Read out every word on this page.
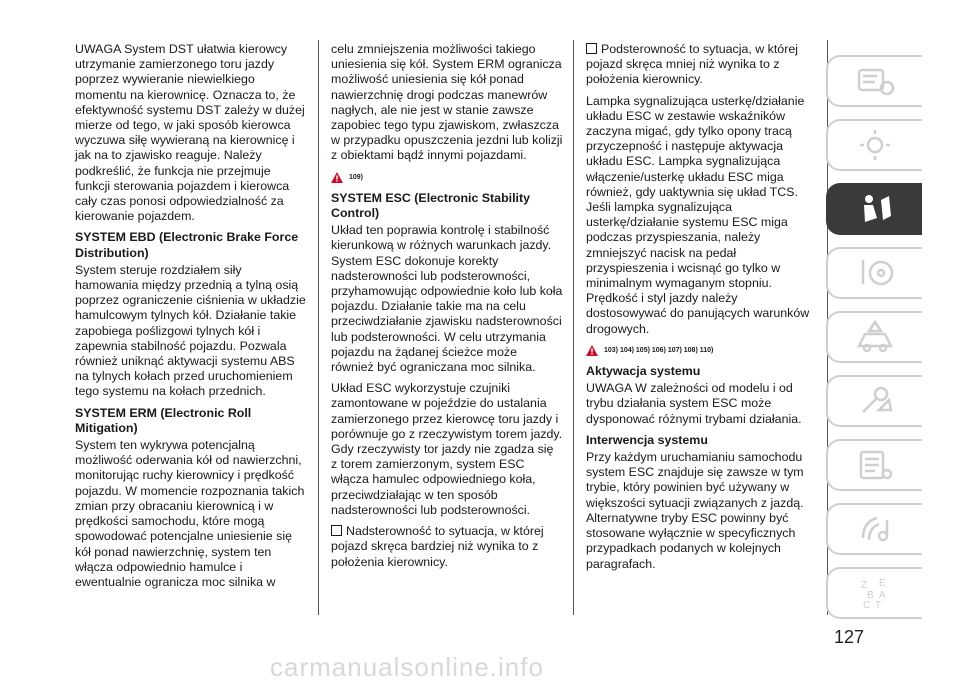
UWAGA System DST ułatwia kierowcy utrzymanie zamierzonego toru jazdy poprzez wywieranie niewielkiego momentu na kierownicę. Oznacza to, że efektywność systemu DST zależy w dużej mierze od tego, w jaki sposób kierowca wyczuwa siłę wywieraną na kierownicę i jak na to zjawisko reaguje. Należy podkreślić, że funkcja nie przejmuje funkcji sterowania pojazdem i kierowca cały czas ponosi odpowiedzialność za kierowanie pojazdem.

SYSTEM EBD (Electronic Brake Force Distribution)

System steruje rozdziałem siły hamowania między przednią a tylną osią poprzez ograniczenie ciśnienia w układzie hamulcowym tylnych kół. Działanie takie zapobiega poślizgowi tylnych kół i zapewnia stabilność pojazdu. Pozwala również uniknąć aktywacji systemu ABS na tylnych kołach przed uruchomieniem tego systemu na kołach przednich.

SYSTEM ERM (Electronic Roll Mitigation)

System ten wykrywa potencjalną możliwość oderwania kół od nawierzchni, monitorując ruchy kierownicy i prędkość pojazdu. W momencie rozpoznania takich zmian przy obracaniu kierownicą i w prędkości samochodu, które mogą spowodować potencjalne uniesienie się kół ponad nawierzchnię, system ten włącza odpowiednio hamulce i ewentualnie ogranicza moc silnika w

celu zmniejszenia możliwości takiego uniesienia się kół. System ERM ogranicza możliwość uniesienia się kół ponad nawierzchnię drogi podczas manewrów nagłych, ale nie jest w stanie zawsze zapobiec tego typu zjawiskom, zwłaszcza w przypadku opuszczenia jezdni lub kolizji z obiektami bądź innymi pojazdami.

109)
SYSTEM ESC (Electronic Stability Control)

Układ ten poprawia kontrolę i stabilność kierunkową w różnych warunkach jazdy. System ESC dokonuje korekty nadsterowności lub podsterowności, przyhamowując odpowiednie koło lub koła pojazdu. Działanie takie ma na celu przeciwdziałanie zjawisku nadsterowności lub podsterowności. W celu utrzymania pojazdu na żądanej ścieżce może również być ograniczana moc silnika.

Układ ESC wykorzystuje czujniki zamontowane w pojeździe do ustalania zamierzonego przez kierowcę toru jazdy i porównuje go z rzeczywistym torem jazdy. Gdy rzeczywisty tor jazdy nie zgadza się z torem zamierzonym, system ESC włącza hamulec odpowiedniego koła, przeciwdziałając w ten sposób nadsterowności lub podsterowności.

Nadsterowność to sytuacja, w której pojazd skręca bardziej niż wynika to z położenia kierownicy.

Podsterowność to sytuacja, w której pojazd skręca mniej niż wynika to z położenia kierownicy.

Lampka sygnalizująca usterkę/działanie układu ESC w zestawie wskaźników zaczyna migać, gdy tylko opony tracą przyczepność i następuje aktywacja układu ESC. Lampka sygnalizująca włączenie/usterkę układu ESC miga również, gdy uaktywnia się układ TCS. Jeśli lampka sygnalizująca usterkę/działanie systemu ESC miga podczas przyspieszania, należy zmniejszyć nacisk na pedał przyspieszenia i wcisnąć go tylko w minimalnym wymaganym stopniu. Prędkość i styl jazdy należy dostosowywać do panujących warunków drogowych.

103) 104) 105) 106) 107) 108) 110)
Aktywacja systemu

UWAGA W zależności od modelu i od trybu działania system ESC może dysponować różnymi trybami działania.

Interwencja systemu

Przy każdym uruchamianiu samochodu system ESC znajduje się zawsze w tym trybie, który powinien być używany w większości sytuacji związanych z jazdą. Alternatywne tryby ESC powinny być stosowane wyłącznie w specyficznych przypadkach podanych w kolejnych paragrafach.

Z E
B A
C T
127
carmanualsonline.info
